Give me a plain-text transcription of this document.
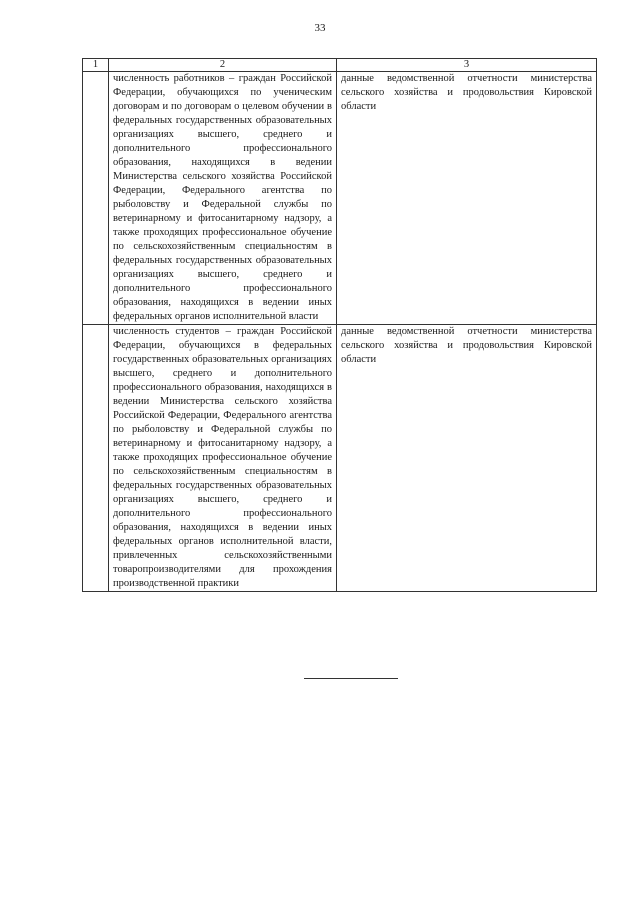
33
1	2	3
	численность работников – граждан Российской Федерации, обучающихся по ученическим договорам и по договорам о целевом обучении в федеральных государственных образовательных организациях высшего, среднего и дополнительного профессионального образования, находящихся в ведении Министерства сельского хозяйства Российской Федерации, Федерального агентства по рыболовству и Федеральной службы по ветеринарному и фитосанитарному надзору, а также проходящих профессиональное обучение по сельскохозяйственным специальностям в федеральных государственных образовательных организациях высшего, среднего и дополнительного профессионального образования, находящихся в ведении иных федеральных органов исполнительной власти	данные ведомственной отчетности министерства сельского хозяйства и продовольствия Кировской области
	численность студентов – граждан Российской Федерации, обучающихся в федеральных государственных образовательных организациях высшего, среднего и дополнительного профессионального образования, находящихся в ведении Министерства сельского хозяйства Российской Федерации, Федерального агентства по рыболовству и Федеральной службы по ветеринарному и фитосанитарному надзору, а также проходящих профессиональное обучение по сельскохозяйственным специальностям в федеральных государственных образовательных организациях высшего, среднего и дополнительного профессионального образования, находящихся в ведении иных федеральных органов исполнительной власти, привлеченных сельскохозяйственными товаропроизводителями для прохождения производственной практики	данные ведомственной отчетности министерства сельского хозяйства и продовольствия Кировской области
